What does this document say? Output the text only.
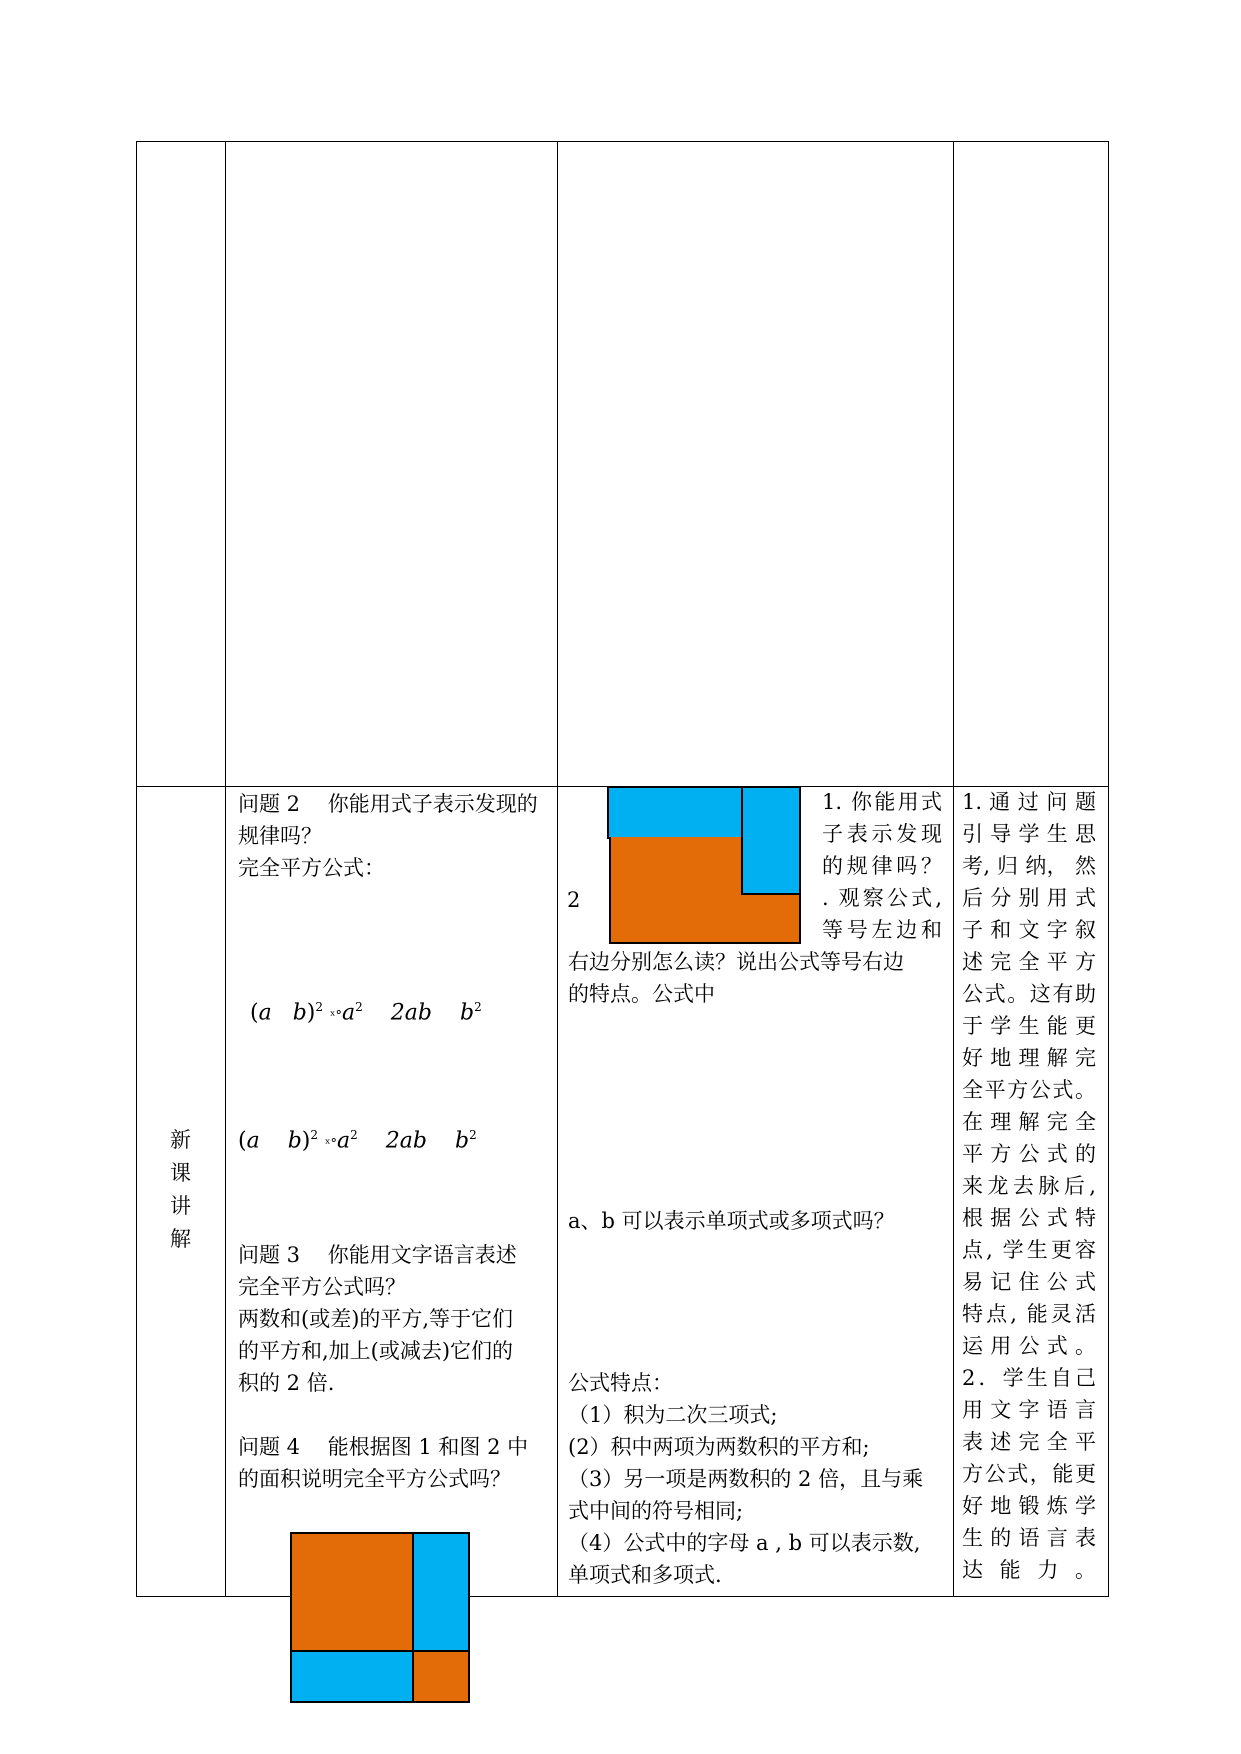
新
课
讲
解
问题 2　 你能用式子表示发现的
规律吗？
完全平方公式：
(a b)$^2$ $ˣ^\circ a^2$ 2ab $b^2$
(a b)$^2$ $ˣ^\circ a^2$ 2ab $b^2$
问题 3　 你能用文字语言表述
完全平方公式吗？
两数和(或差)的平方,等于它们
的平方和,加上(或减去)它们的
积的 2 倍.
问题 4　 能根据图 1 和图 2 中
的面积说明完全平方公式吗？
2
1. 你能用式
子表示发现
的规律吗？
. 观察公式,
等号左边和
右边分别怎么读？说出公式等号右边
的特点。公式中
a、b 可以表示单项式或多项式吗？
公式特点：
（1）积为二次三项式;
(2）积中两项为两数积的平方和;
（3）另一项是两数积的 2 倍，且与乘
式中间的符号相同;
（4）公式中的字母 a , b 可以表示数,
单项式和多项式.
1. 通 过 问 题
引 导 学 生 思
考, 归 纳， 然
后 分 别 用 式
子 和 文 字 叙
述 完 全 平 方
公式。这有助
于 学 生 能 更
好 地 理 解 完
全平方公式。
在 理 解 完 全
平 方 公 式 的
来龙去脉后,
根 据 公 式 特
点, 学生更容
易 记 住 公 式
特点, 能灵活
运用公式。
2．学生自己
用 文 字 语 言
表 述 完 全 平
方公式，能更
好 地 锻 炼 学
生 的 语 言 表
达能力。
